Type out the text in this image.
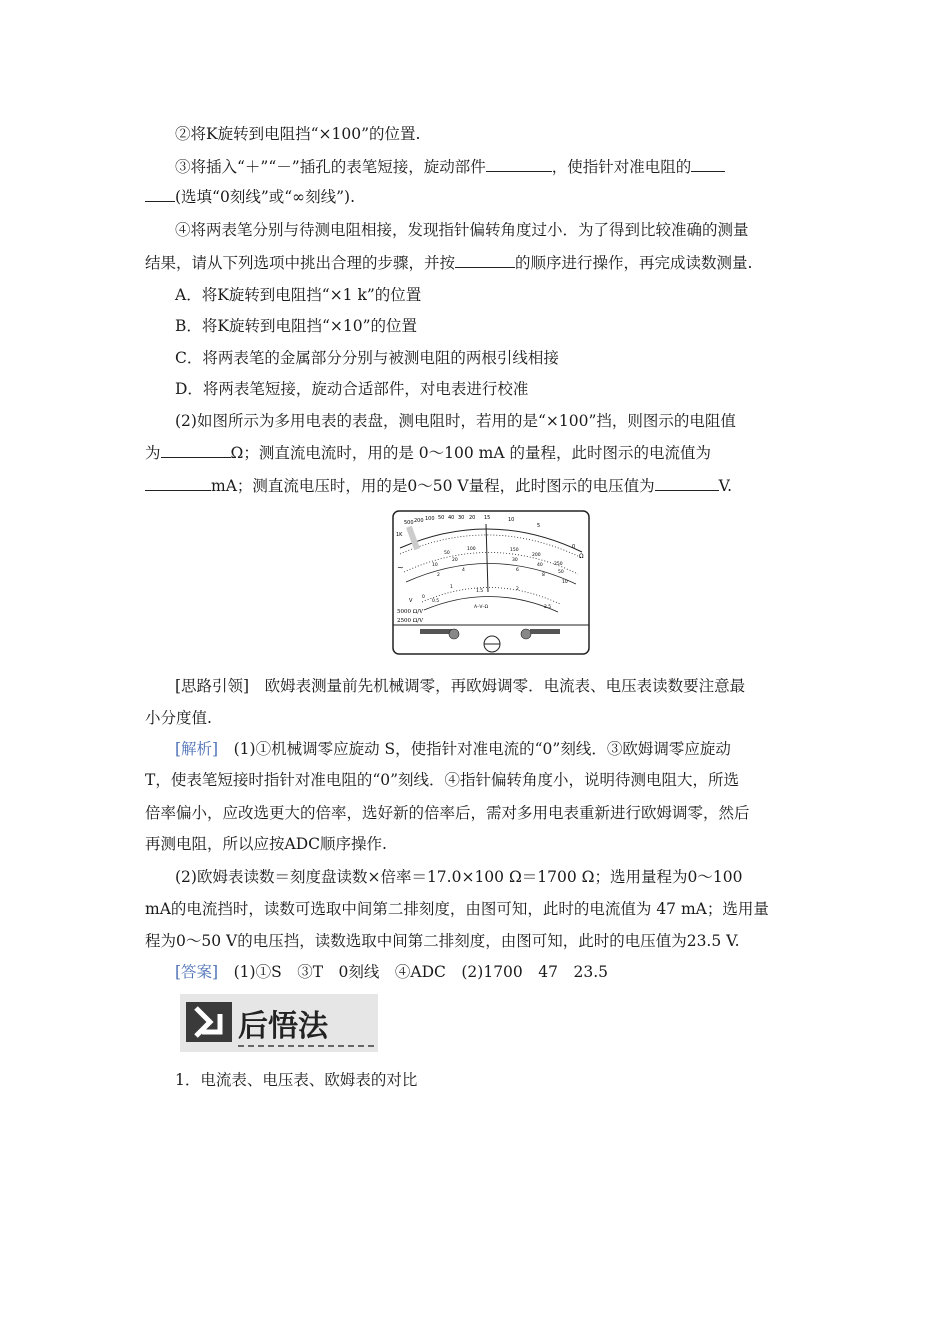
②将K旋转到电阻挡“×100”的位置.
③将插入“＋”“－”插孔的表笔短接，旋动部件	，使指针对准电阻的
(选填“0刻线”或“∞刻线”).
④将两表笔分别与待测电阻相接，发现指针偏转角度过小．为了得到比较准确的测量
结果，请从下列选项中挑出合理的步骤，并按	的顺序进行操作，再完成读数测量.
A．将K旋转到电阻挡“×1 k”的位置
B．将K旋转到电阻挡“×10”的位置
C．将两表笔的金属部分分别与被测电阻的两根引线相接
D．将两表笔短接，旋动合适部件，对电表进行校准
(2)如图所示为多用电表的表盘，测电阻时，若用的是“×100”挡，则图示的电阻值
为	Ω；测直流电流时，用的是 0～100 mA 的量程，此时图示的电流值为
mA；测直流电压时，用的是0～50 V量程，此时图示的电压值为	V.
500 200 100 50 40 30 20 15	10
5
0
1K
Ω
50
100	150
200
250
10
20	30
40
50
2
4	6
8
10
~
0
0.5
1
1.5	2
2.5
V
A–V–Ω
5000 Ω/V
2500 Ω/V
[思路引领]　 欧姆表测量前先机械调零，再欧姆调零．电流表、电压表读数要注意最
小分度值.
[解析]　 (1)①机械调零应旋动 S，使指针对准电流的“0”刻线．③欧姆调零应旋动
T，使表笔短接时指针对准电阻的“0”刻线．④指针偏转角度小，说明待测电阻大，所选
倍率偏小，应改选更大的倍率，选好新的倍率后，需对多用电表重新进行欧姆调零，然后
再测电阻，所以应按ADC顺序操作.
(2)欧姆表读数＝刻度盘读数×倍率＝17.0×100 Ω＝1700 Ω；选用量程为0～100
mA的电流挡时，读数可选取中间第二排刻度，由图可知，此时的电流值为 47 mA；选用量
程为0～50 V的电压挡，读数选取中间第二排刻度，由图可知，此时的电压值为23.5 V.
[答案]　 (1)①S　③T　0刻线　④ADC　(2)1700　47　23.5
后悟法
1．电流表、电压表、欧姆表的对比
